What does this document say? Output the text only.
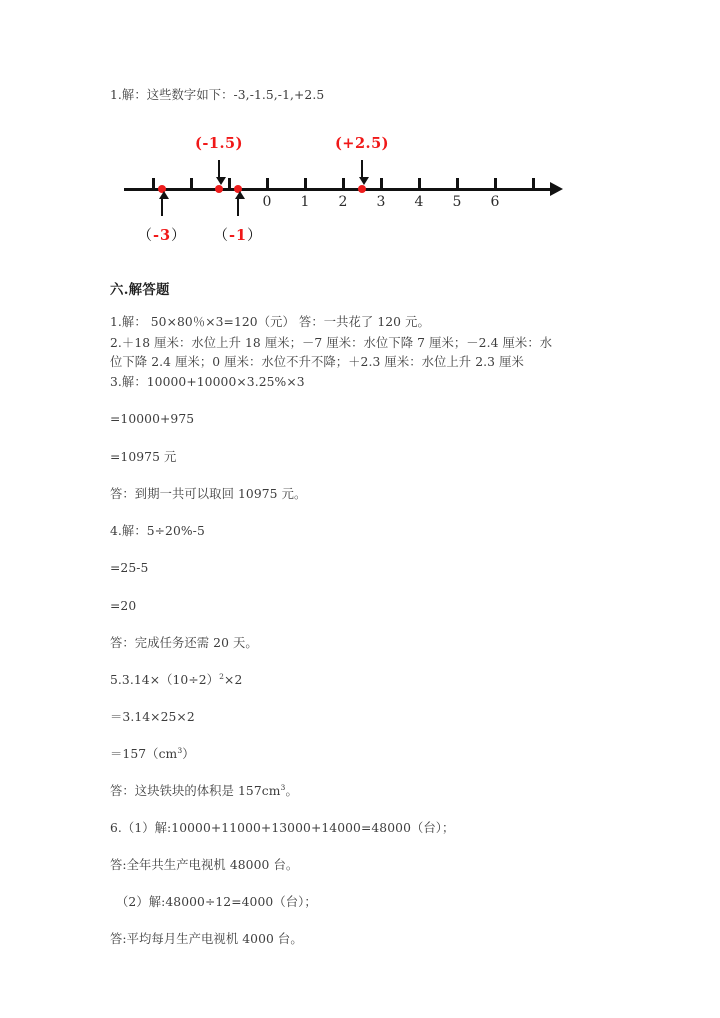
1.解：这些数字如下：-3,-1.5,-1,+2.5
0 1 2 3 4 5 6
(-1.5)	(+2.5)
（-3） （-1）
六.解答题
1.解： 50×80％×3=120（元） 答：一共花了 120 元。
2.＋18 厘米：水位上升 18 厘米；－7 厘米：水位下降 7 厘米；－2.4 厘米：水
位下降 2.4 厘米；0 厘米：水位不升不降；＋2.3 厘米：水位上升 2.3 厘米
3.解：10000+10000×3.25%×3
=10000+975
=10975 元
答：到期一共可以取回 10975 元。
4.解：5÷20%-5
=25-5
=20
答：完成任务还需 20 天。
$5.3.14\times(10\div 2)^2\times 2$
＝3.14×25×2
$=157(cm^3)$
答：这块铁块的体积是 $157cm^3$。
6.（1）解:10000+11000+13000+14000=48000（台）；
答:全年共生产电视机 48000 台。
（2）解:48000÷12=4000（台）；
答:平均每月生产电视机 4000 台。
